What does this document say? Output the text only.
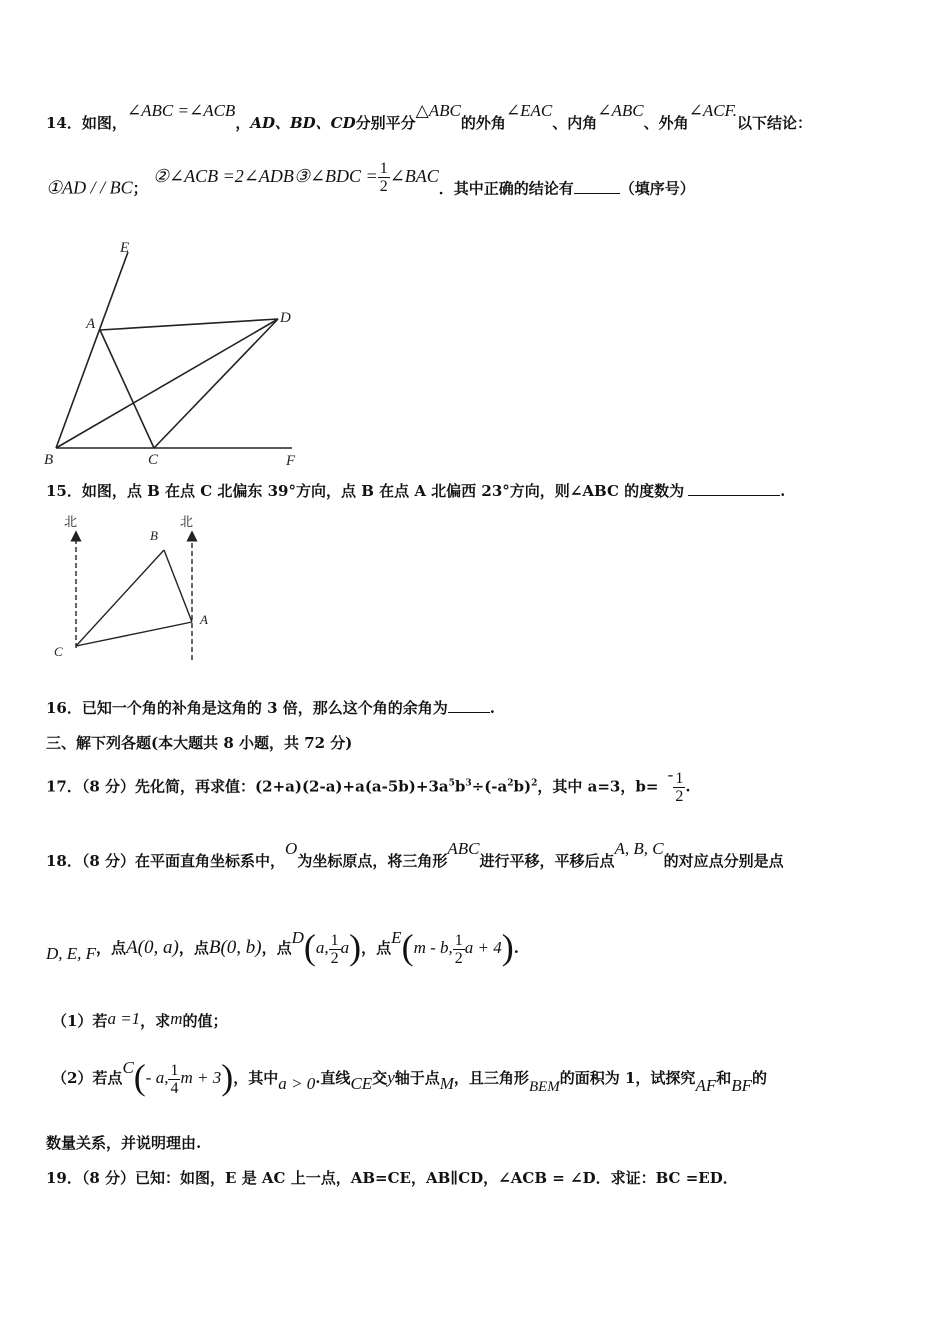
14．如图，∠ABC =∠ACB，AD、BD、CD分别平分△ABC的外角∠EAC、内角∠ABC、外角∠ACF.以下结论：
①AD / / BC； ②∠ACB =2∠ADB③∠BDC = $\frac{1}{2}$ ∠BAC．其中正确的结论有	（填序号）
E
A	D
B	C	F
15．如图，点 B 在点 C 北偏东 39°方向，点 B 在点 A 北偏西 23°方向，则∠ABC 的度数为	.
北	北
B
A
C
16．已知一个角的补角是这角的 3 倍，那么这个角的余角为	.
三、解下列各题(本大题共 8 小题，共 72 分)
17．（8 分）先化简，再求值：$(2+a)(2-a)+a(a-5b)+3a^5b^3\div(-a^2b)^2$，其中 a=3，$b= - \frac{1}{2}$ .
18．（8 分）在平面直角坐标系中，O为坐标原点，将三角形ABC进行平移，平移后点A, B, C的对应点分别是点
D, E, F，点A(0, a)，点B(0, b)，点D(a, $\frac{1}{2} a$)，点E(m - b, $\frac{1}{2}$ a + 4).
（1）若a =1，求m的值；
（2）若点C(- a, $\frac{1}{4}$ m + 3)，其中a > 0.直线CE交y轴于点M，且三角形BEM的面积为 1，试探究AF和BF的
数量关系，并说明理由.
19．（8 分）已知：如图，E 是 AC 上一点，AB=CE，AB∥CD，∠ACB = ∠D．求证：BC =ED．
